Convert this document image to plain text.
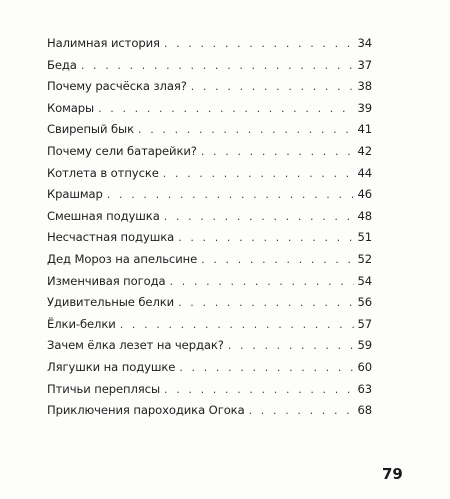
Налимная история . . .	34
Беда . . .	37
Почему расчёска злая? . . .	38
Комары . . .	39
Свирепый бык . . .	41
Почему сели батарейки? . . .	42
Котлета в отпуске . . .	44
Крашмар . . .	46
Смешная подушка . . .	48
Несчастная подушка . . .	51
Дед Мороз на апельсине . . .	52
Изменчивая погода . . .	54
Удивительные белки . . .	56
Ёлки-белки . . .	57
Зачем ёлка лезет на чердак? . . .	59
Лягушки на подушке . . .	60
Птичьи переплясы . . .	63
Приключения пароходика Огока . . .	68
79
